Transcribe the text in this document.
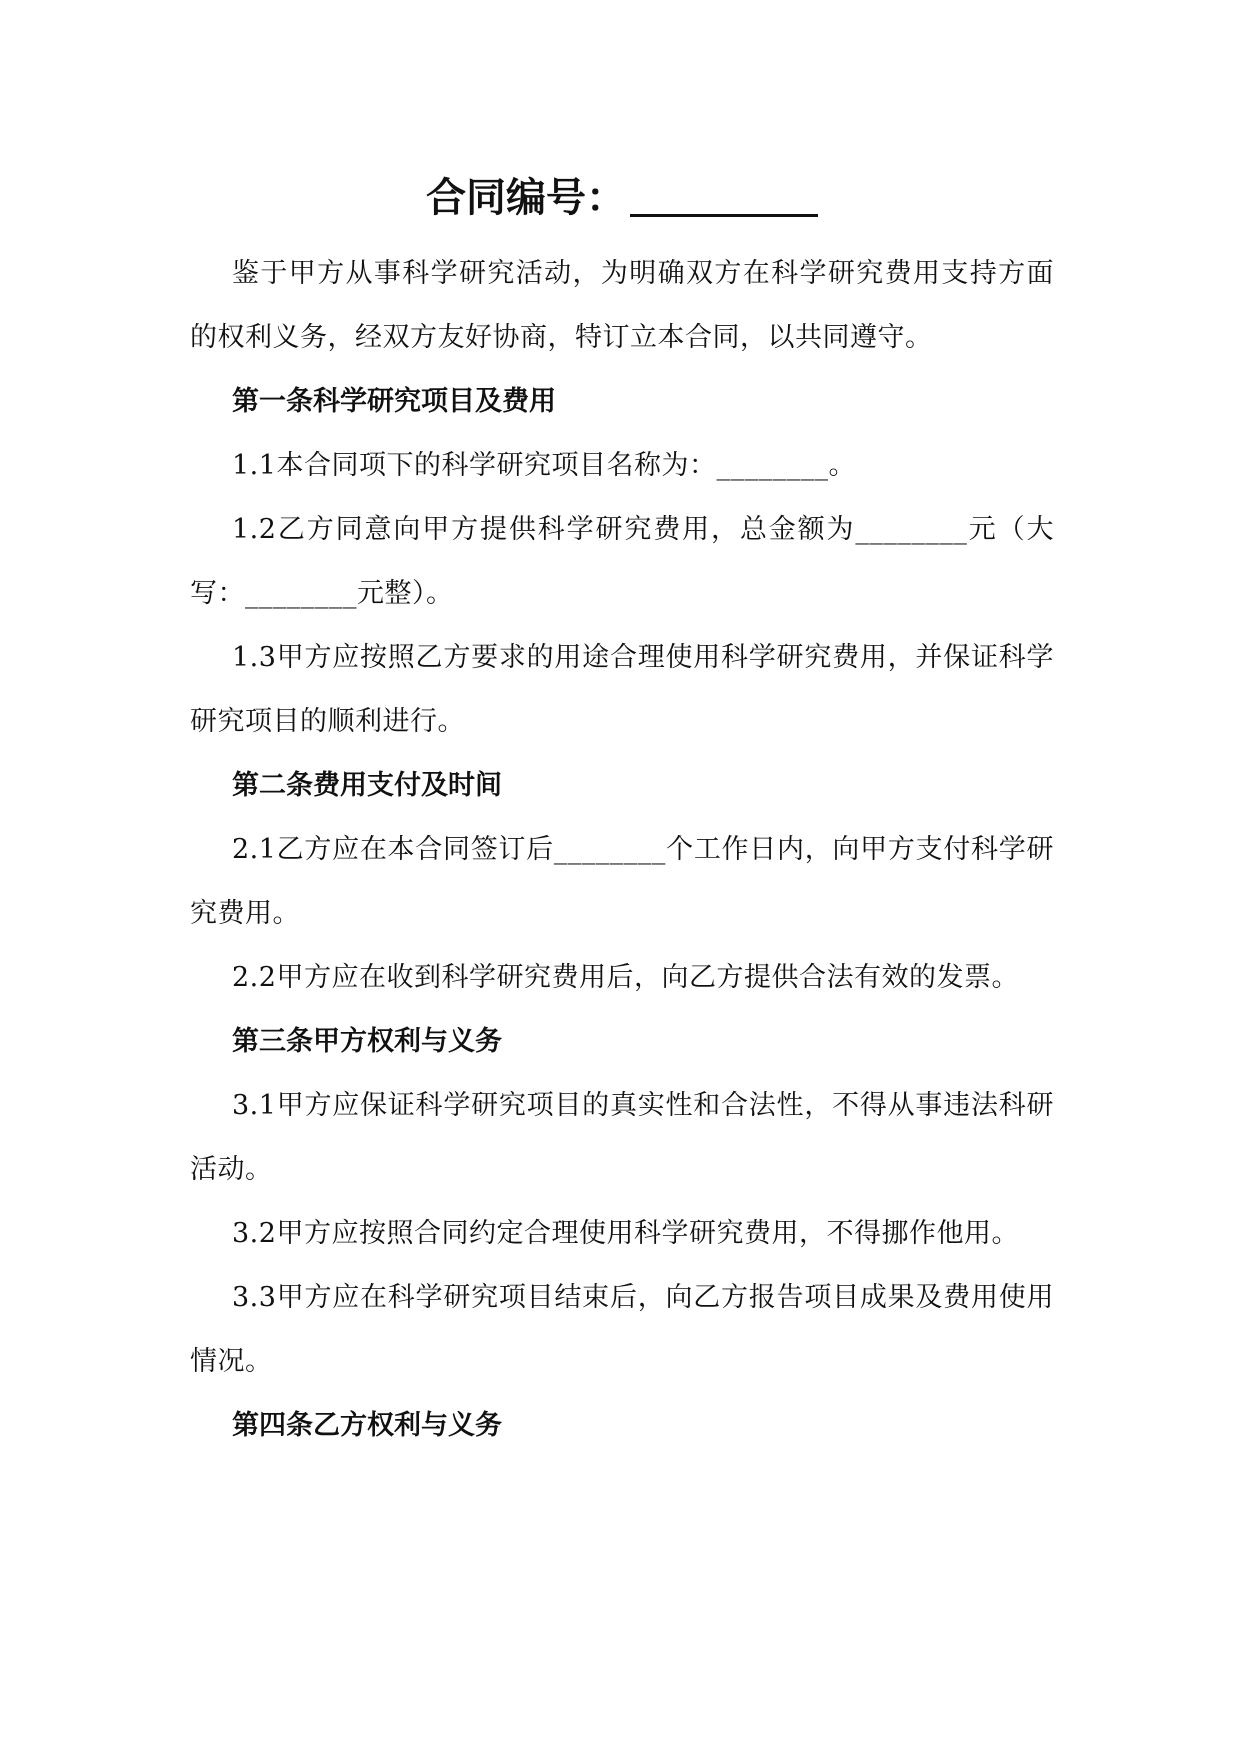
合同编号：

鉴于甲方从事科学研究活动，为明确双方在科学研究费用支持方面的权利义务，经双方友好协商，特订立本合同，以共同遵守。

第一条科学研究项目及费用

1.1本合同项下的科学研究项目名称为：________。

1.2乙方同意向甲方提供科学研究费用，总金额为________元（大写：________元整）。

1.3甲方应按照乙方要求的用途合理使用科学研究费用，并保证科学研究项目的顺利进行。

第二条费用支付及时间

2.1乙方应在本合同签订后________个工作日内，向甲方支付科学研究费用。

2.2甲方应在收到科学研究费用后，向乙方提供合法有效的发票。

第三条甲方权利与义务

3.1甲方应保证科学研究项目的真实性和合法性，不得从事违法科研活动。

3.2甲方应按照合同约定合理使用科学研究费用，不得挪作他用。

3.3甲方应在科学研究项目结束后，向乙方报告项目成果及费用使用情况。

第四条乙方权利与义务
